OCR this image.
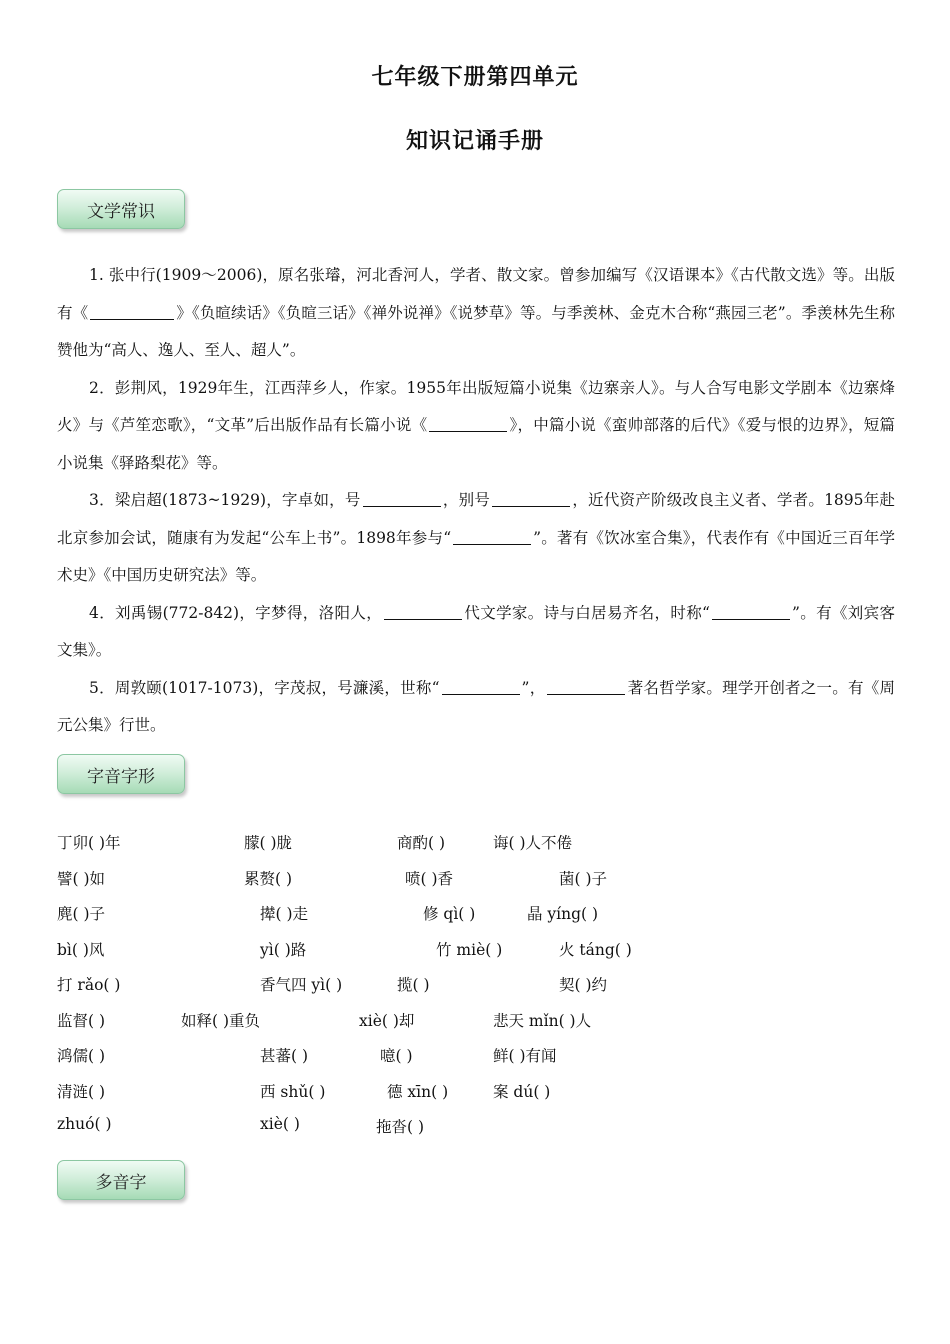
七年级下册第四单元
知识记诵手册
文学常识

1. 张中行(1909～2006)，原名张璿，河北香河人，学者、散文家。曾参加编写《汉语课本》《古代散文选》等。出版有《	》《负暄续话》《负暄三话》《禅外说禅》《说梦草》等。与季羡林、金克木合称“燕园三老”。季羡林先生称赞他为“高人、逸人、至人、超人”。

2．彭荆风，1929年生，江西萍乡人，作家。1955年出版短篇小说集《边寨亲人》。与人合写电影文学剧本《边寨烽火》与《芦笙恋歌》，“文革”后出版作品有长篇小说《	》，中篇小说《蛮帅部落的后代》《爱与恨的边界》，短篇小说集《驿路梨花》等。

3．梁启超(1873~1929)，字卓如，号	，别号	，近代资产阶级改良主义者、学者。1895年赴北京参加会试，随康有为发起“公车上书”。1898年参与“	”。著有《饮冰室合集》，代表作有《中国近三百年学术史》《中国历史研究法》等。

4．刘禹锡(772-842)，字梦得，洛阳人，	代文学家。诗与白居易齐名，时称“	”。有《刘宾客文集》。

5．周敦颐(1017-1073)，字茂叔，号濂溪，世称“	”，	著名哲学家。理学开创者之一。有《周元公集》行世。

字音字形
丁卯( )年	朦( )胧	商酌( )	诲( )人不倦
譬( )如	累赘( )	喷( )香	菌( )子
麂( )子	撵( )走	修 qì( )	晶 yíng( )
bì( )风	yì( )路	竹 miè( )	火 táng( )
打 rǎo( )	香气四 yì( )	揽( )	契( )约
监督( )	如释( )重负	xiè( )却	悲天 mǐn( )人
鸿儒( )	甚蕃( )	噫( )	鲜( )有闻
清涟( )	西 shǔ( )	德 xīn( )	案 dú( )
zhuó( )	xiè( )	拖沓( )
多音字
